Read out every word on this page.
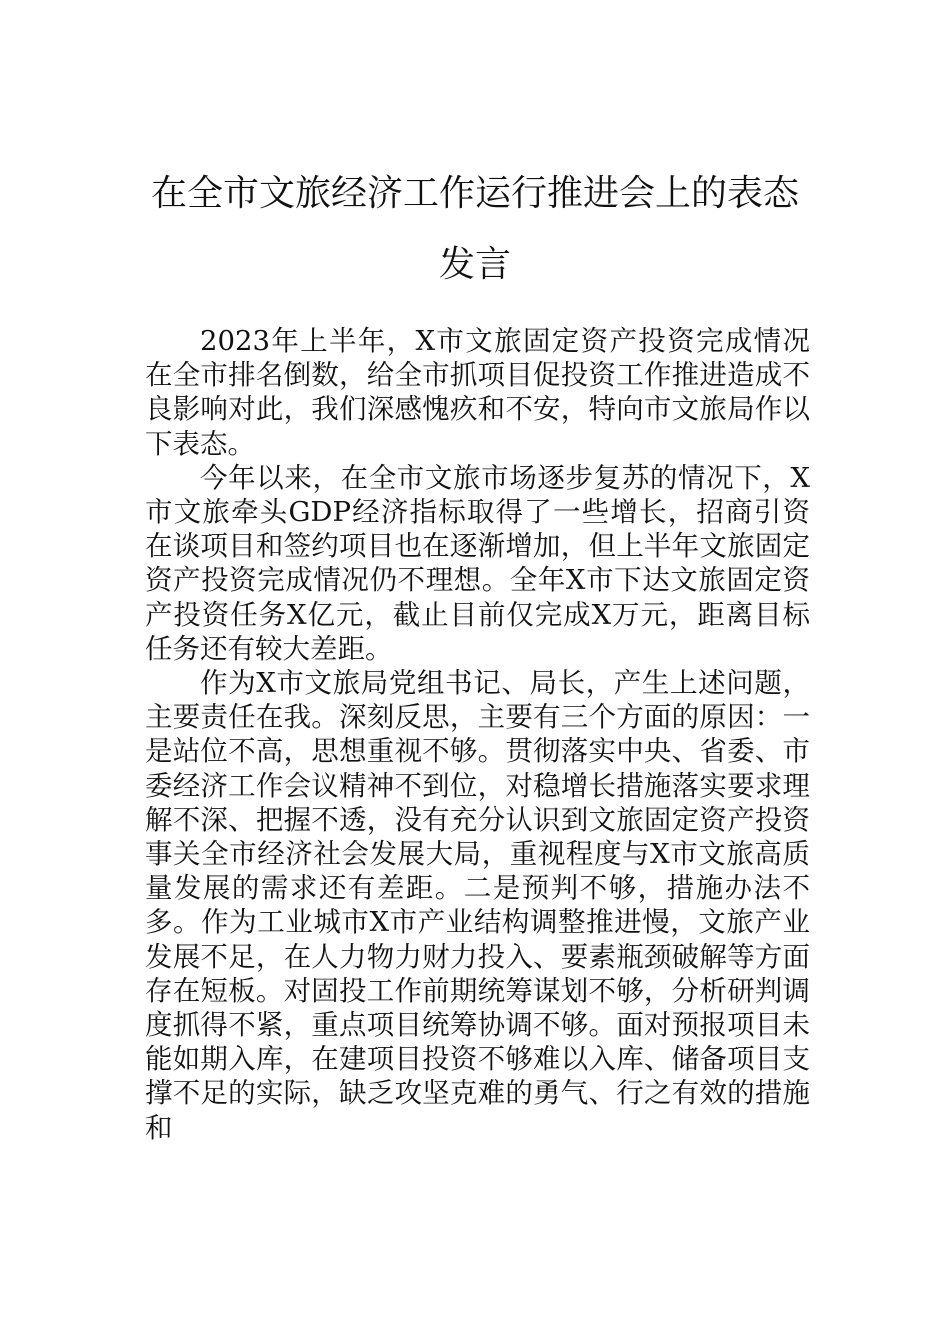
在全市文旅经济工作运行推进会上的表态发言

2023年上半年，X市文旅固定资产投资完成情况在全市排名倒数，给全市抓项目促投资工作推进造成不良影响对此，我们深感愧疚和不安，特向市文旅局作以下表态。

今年以来，在全市文旅市场逐步复苏的情况下，X市文旅牵头GDP经济指标取得了一些增长，招商引资在谈项目和签约项目也在逐渐增加，但上半年文旅固定资产投资完成情况仍不理想。全年X市下达文旅固定资产投资任务X亿元，截止目前仅完成X万元，距离目标任务还有较大差距。

作为X市文旅局党组书记、局长，产生上述问题，主要责任在我。深刻反思，主要有三个方面的原因：一是站位不高，思想重视不够。贯彻落实中央、省委、市委经济工作会议精神不到位，对稳增长措施落实要求理解不深、把握不透，没有充分认识到文旅固定资产投资事关全市经济社会发展大局，重视程度与X市文旅高质量发展的需求还有差距。二是预判不够，措施办法不多。作为工业城市X市产业结构调整推进慢，文旅产业发展不足，在人力物力财力投入、要素瓶颈破解等方面存在短板。对固投工作前期统筹谋划不够，分析研判调度抓得不紧，重点项目统筹协调不够。面对预报项目未能如期入库，在建项目投资不够难以入库、储备项目支撑不足的实际，缺乏攻坚克难的勇气、行之有效的措施和
